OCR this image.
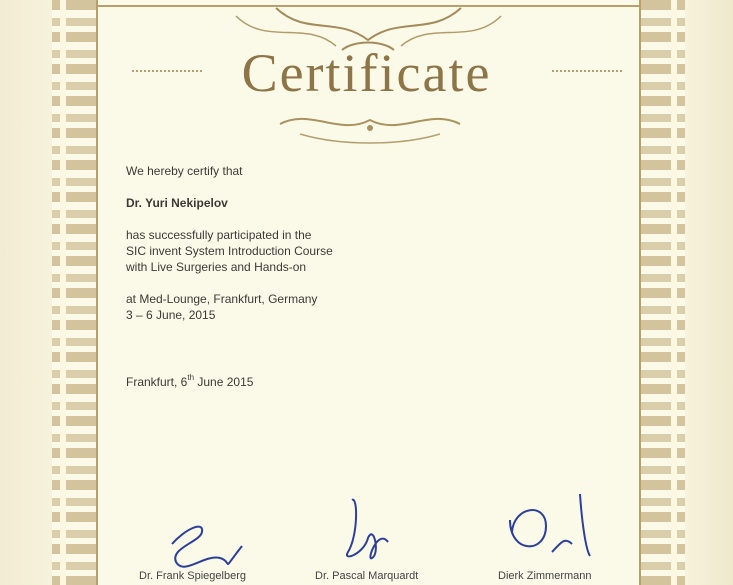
Certificate
We hereby certify that
Dr. Yuri Nekipelov
has successfully participated in the
SIC invent System Introduction Course
with Live Surgeries and Hands-on
at Med-Lounge, Frankfurt, Germany
3 – 6 June, 2015
Frankfurt, 6th June 2015
Dr. Frank Spiegelberg	Dr. Pascal Marquardt	Dierk Zimmermann
